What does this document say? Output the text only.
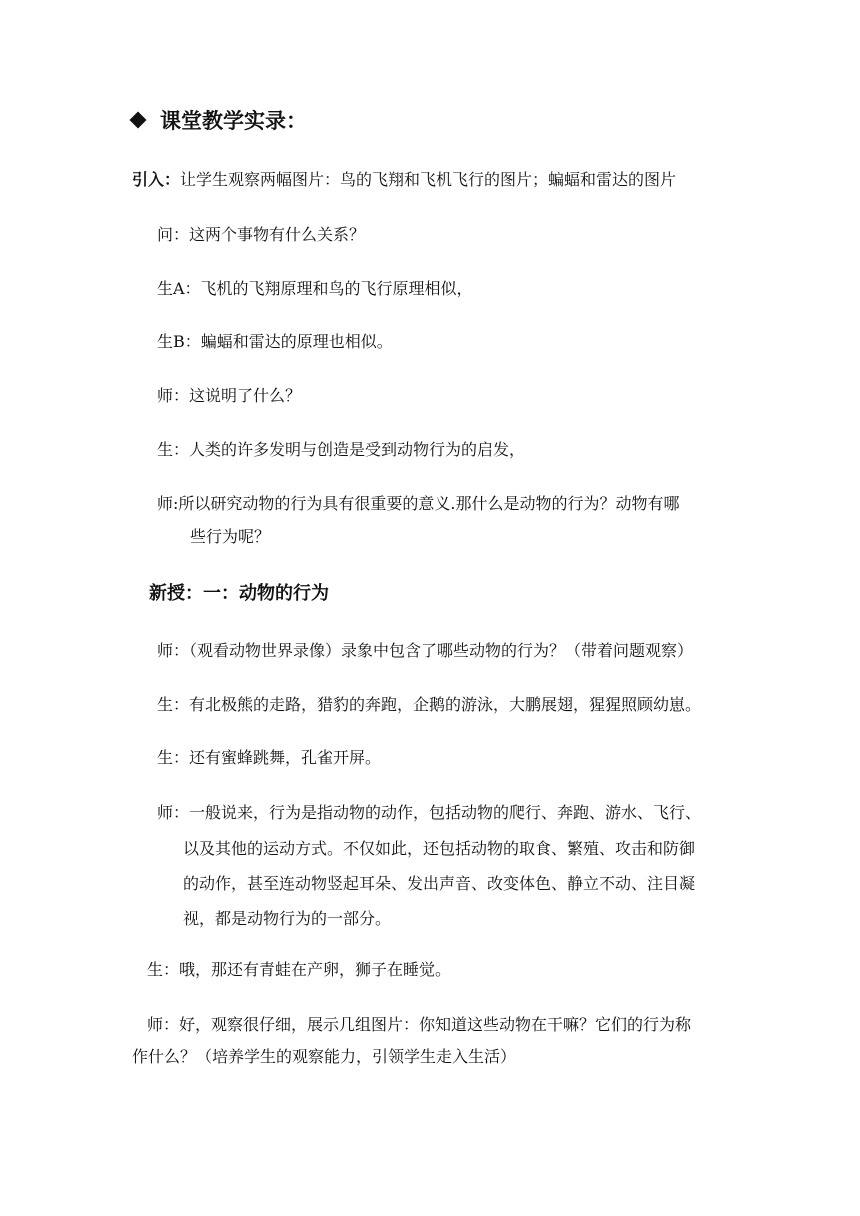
课堂教学实录：
引入：让学生观察两幅图片：鸟的飞翔和飞机飞行的图片；蝙蝠和雷达的图片
问：这两个事物有什么关系？
生A：飞机的飞翔原理和鸟的飞行原理相似，
生B：蝙蝠和雷达的原理也相似。
师：这说明了什么？
生：人类的许多发明与创造是受到动物行为的启发，
师:所以研究动物的行为具有很重要的意义.那什么是动物的行为？动物有哪
些行为呢？
新授：一：动物的行为
师：（观看动物世界录像）录象中包含了哪些动物的行为？（带着问题观察）
生：有北极熊的走路，猎豹的奔跑，企鹅的游泳，大鹏展翅，猩猩照顾幼崽。
生：还有蜜蜂跳舞，孔雀开屏。
师：一般说来，行为是指动物的动作，包括动物的爬行、奔跑、游水、飞行、
以及其他的运动方式。不仅如此，还包括动物的取食、繁殖、攻击和防御
的动作，甚至连动物竖起耳朵、发出声音、改变体色、静立不动、注目凝
视，都是动物行为的一部分。
生：哦，那还有青蛙在产卵，狮子在睡觉。
师：好，观察很仔细，展示几组图片：你知道这些动物在干嘛？它们的行为称
作什么？（培养学生的观察能力，引领学生走入生活）
